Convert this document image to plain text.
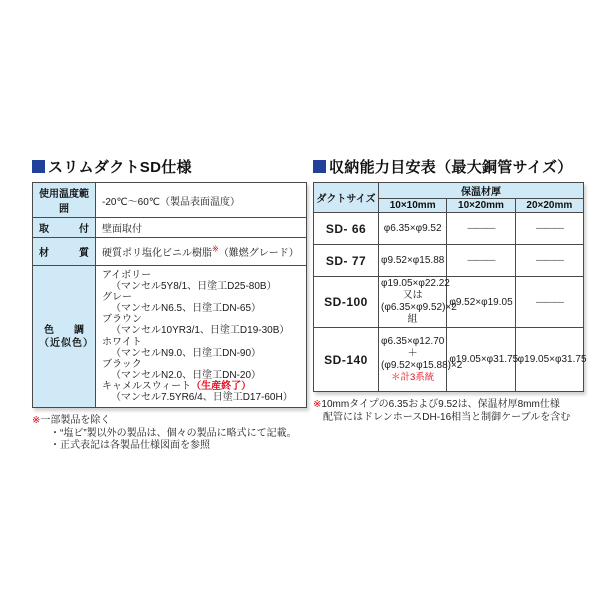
スリムダクトSD仕様
使用温度範囲	-20℃～60℃（製品表面温度）

取 付	壁面取付

材 質	硬質ポリ塩化ビニル樹脂※（難燃グレード）

色　　調
（近似色）

アイボリー
（マンセル5Y8/1、日塗工D25-80B）
グレー
（マンセルN6.5、日塗工DN-65）
ブラウン
（マンセル10YR3/1、日塗工D19-30B）
ホワイト
（マンセルN9.0、日塗工DN-90）
ブラック
（マンセルN2.0、日塗工DN-20）
キャメルスウィート（生産終了）
（マンセル7.5YR6/4、日塗工D17-60H）
※ 一部製品を除く
・“塩ビ”製以外の製品は、個々の製品に略式にて記載。
・正式表記は各製品仕様図面を参照
収納能力目安表（最大銅管サイズ）
ダクトサイズ	保温材厚		
	10×10mm	10×20mm	20×20mm
SD- 66	φ6.35×φ9.52	———	———
SD- 77	φ9.52×φ15.88	———	———
SD-100	φ19.05×φ22.22又は
(φ6.35×φ9.52)×2組	φ9.52×φ19.05	———
SD-140	φ6.35×φ12.70
＋
(φ9.52×φ15.88)×2
＊計3系統	φ19.05×φ31.75	φ19.05×φ31.75
※ 10mmタイプの6.35および9.52は、保温材厚8mm仕様
配管にはドレンホースDH-16相当と制御ケーブルを含む
